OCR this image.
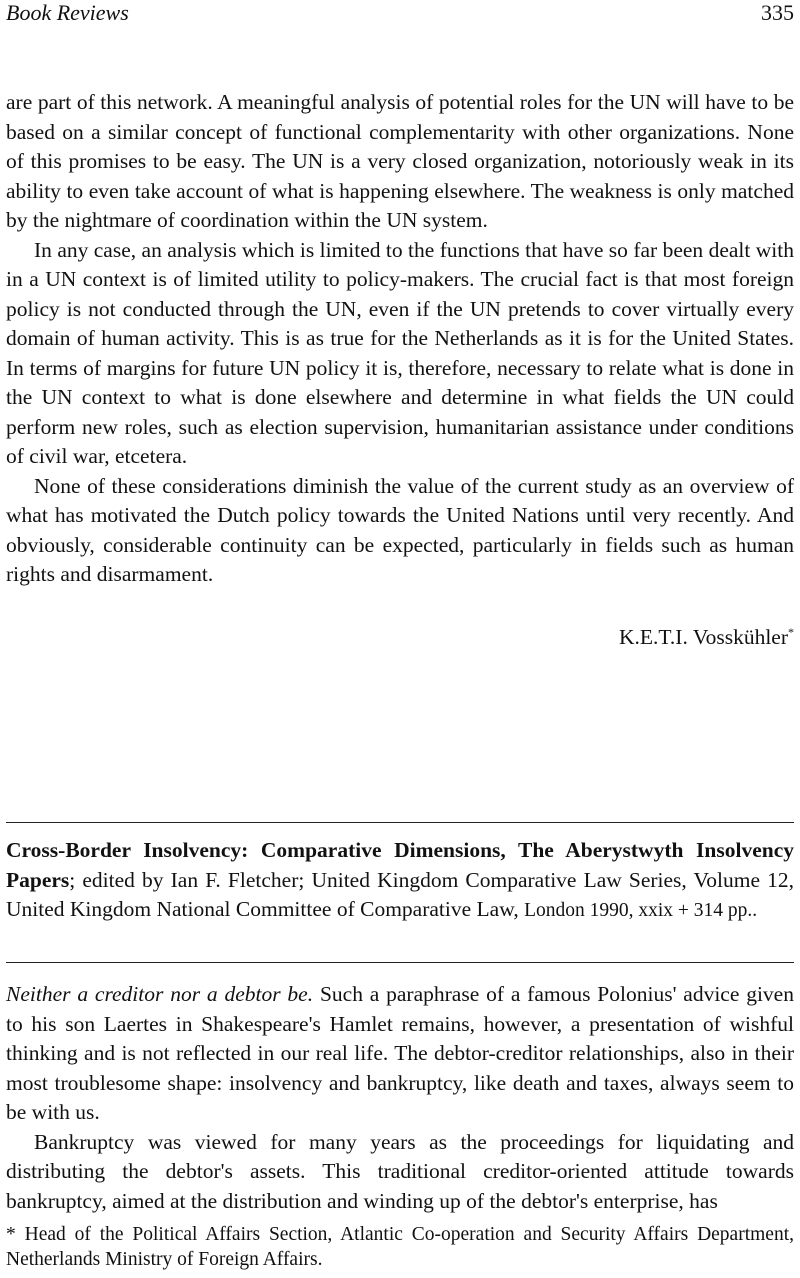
Book Reviews	335

are part of this network. A meaningful analysis of potential roles for the UN will have to be based on a similar concept of functional complementarity with other organizations. None of this promises to be easy. The UN is a very closed organization, notoriously weak in its ability to even take account of what is happening elsewhere. The weakness is only matched by the nightmare of coordination within the UN system.

In any case, an analysis which is limited to the functions that have so far been dealt with in a UN context is of limited utility to policy-makers. The crucial fact is that most foreign policy is not conducted through the UN, even if the UN pretends to cover virtually every domain of human activity. This is as true for the Netherlands as it is for the United States. In terms of margins for future UN policy it is, therefore, necessary to relate what is done in the UN context to what is done elsewhere and determine in what fields the UN could perform new roles, such as election supervision, humanitarian assistance under conditions of civil war, etcetera.

None of these considerations diminish the value of the current study as an overview of what has motivated the Dutch policy towards the United Nations until very recently. And obviously, considerable continuity can be expected, particularly in fields such as human rights and disarmament.

K.E.T.I. Vosskühler*
Cross-Border Insolvency: Comparative Dimensions, The Aberystwyth Insolvency Papers; edited by Ian F. Fletcher; United Kingdom Comparative Law Series, Volume 12, United Kingdom National Committee of Comparative Law, London 1990, xxix + 314 pp..

Neither a creditor nor a debtor be. Such a paraphrase of a famous Polonius' advice given to his son Laertes in Shakespeare's Hamlet remains, however, a presentation of wishful thinking and is not reflected in our real life. The debtor-creditor relationships, also in their most troublesome shape: insolvency and bankruptcy, like death and taxes, always seem to be with us.

Bankruptcy was viewed for many years as the proceedings for liquidating and distributing the debtor's assets. This traditional creditor-oriented attitude towards bankruptcy, aimed at the distribution and winding up of the debtor's enterprise, has

* Head of the Political Affairs Section, Atlantic Co-operation and Security Affairs Department, Netherlands Ministry of Foreign Affairs.
